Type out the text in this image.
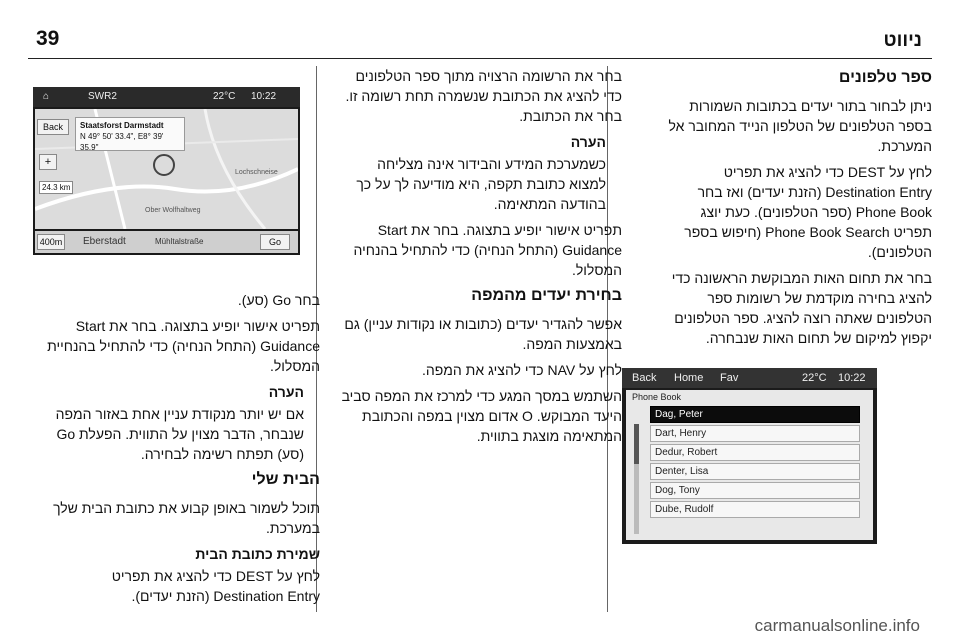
ניווט
39
ספר טלפונים

ניתן לבחור בתור יעדים בכתובות השמורות בספר הטלפונים של הטלפון הנייד המחובר אל המערכת.

לחץ על DEST כדי להציג את תפריט Destination Entry (הזנת יעדים) ואז בחר Phone Book (ספר הטלפונים). כעת יוצג תפריט Phone Book Search (חיפוש בספר הטלפונים).

בחר את תחום האות המבוקשת הראשונה כדי להציג בחירה מוקדמת של רשומות ספר הטלפונים שאתה רוצה להציג. ספר הטלפונים יקפוץ למיקום של תחום האות שנבחרה.

בחר את הרשומה הרצויה מתוך ספר הטלפונים כדי להציג את הכתובת שנשמרה תחת רשומה זו. בחר את הכתובת.

הערה

כשמערכת המידע והבידור אינה מצליחה למצוא כתובת תקפה, היא מודיעה לך על כך בהודעה המתאימה.

תפריט אישור יופיע בתצוגה. בחר את Start Guidance (התחל הנחיה) כדי להתחיל בהנחיה המסלול.

בחירת יעדים מהמפה

אפשר להגדיר יעדים (כתובות או נקודות עניין) גם באמצעות המפה.

לחץ על NAV כדי להציג את המפה.

השתמש במסך המגע כדי למרכז את המפה סביב היעד המבוקש. O אדום מצוין במפה והכתובת המתאימה מוצגת בתווית.

בחר Go (סע).

תפריט אישור יופיע בתצוגה. בחר את Start Guidance (התחל הנחיה) כדי להתחיל בהנחיית המסלול.

הערה

אם יש יותר מנקודת עניין אחת באזור המפה שנבחר, הדבר מצוין על התווית. הפעלת Go (סע) תפתח רשימה לבחירה.

הבית שלי

תוכל לשמור באופן קבוע את כתובת הבית שלך במערכת.

שמירת כתובת הבית

לחץ על DEST כדי להציג את תפריט Destination Entry (הזנת יעדים).

⌂	SWR2	22°C 10:22
Back	Staatsforst Darmstadt
N 49° 50' 33.4", E8° 39' 35.9"
+
24.3 km
Ober Wolfhaltweg
Lochschneise
400m Eberstadt	Mühltalstraße	Go
Back Home Fav	22°C 10:22
Phone Book
Dag, Peter
Dart, Henry
Dedur, Robert
Denter, Lisa
Dog, Tony
Dube, Rudolf
carmanualsonline.info
